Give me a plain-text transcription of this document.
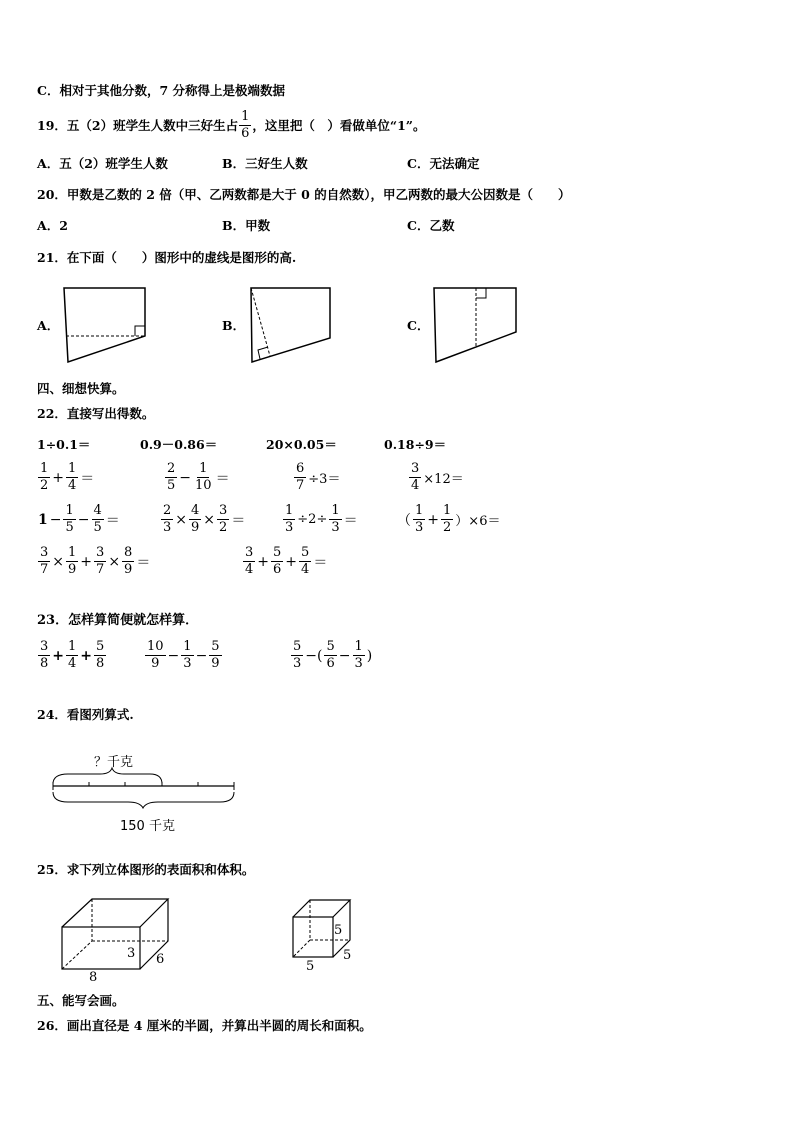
C．相对于其他分数，7 分称得上是极端数据
19．五（2）班学生人数中三好生占 $\frac{1}{6}$ ，这里把（　）看做单位“1”。
A．五（2）班学生人数	B．三好生人数	C．无法确定
20．甲数是乙数的 2 倍（甲、乙两数都是大于 0 的自然数），甲乙两数的最大公因数是（　　）
A．2	B．甲数	C．乙数
21．在下面（　　）图形中的虚线是图形的高.
A．	B．	C．
四、细想快算。
22．直接写出得数。
1÷0.1＝	0.9－0.86＝	20×0.05＝	0.18÷9＝
$\frac{1}{2} + \frac{1}{4}$ ＝	$\frac{2}{5} - \frac{1}{10}$ ＝	$\frac{6}{7} \div 3=$	$\frac{3}{4} \times 12=$
$1 - \frac{1}{5} - \frac{4}{5}$ ＝	$\frac{2}{3} \times \frac{4}{9} \times \frac{3}{2}$ ＝	$\frac{1}{3} \div 2\div \frac{1}{3}$ ＝	（ $\frac{1}{3} + \frac{1}{2} )\times 6=$
$\frac{3}{7} \times \frac{1}{9} + \frac{3}{7} \times \frac{8}{9}$ ＝	$\frac{3}{4} + \frac{5}{6} + \frac{5}{4}$ ＝
23．怎样算简便就怎样算．
$\frac{3}{8} + \frac{1}{4} + \frac{5}{8}$	$\frac{10}{9} - \frac{1}{3} - \frac{5}{9}$	$\frac{5}{3}$ −( $\frac{5}{6} - \frac{1}{3}$ )
24．看图列算式.
？千克
150 千克
25．求下列立体图形的表面积和体积。
8
3 6
5
5
5
五、能写会画。
26．画出直径是 4 厘米的半圆，并算出半圆的周长和面积。
